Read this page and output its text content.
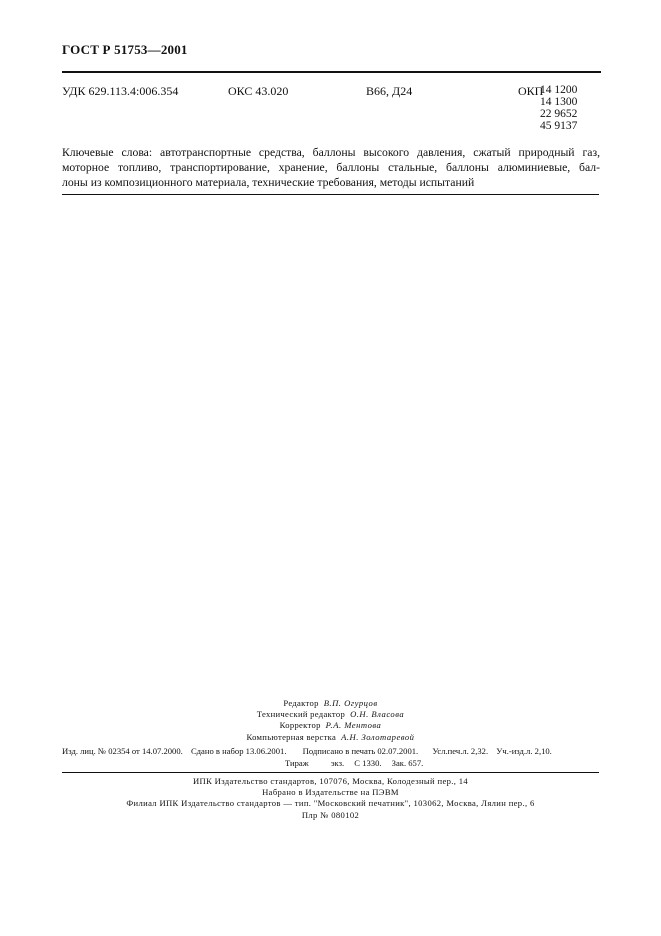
ГОСТ Р 51753—2001
УДК 629.113.4:006.354	ОКС 43.020	В66, Д24	ОКП
14 1200
14 1300
22 9652
45 9137
Ключевые слова: автотранспортные средства, баллоны высокого давления, сжатый природный газ,
моторное топливо, транспортирование, хранение, баллоны стальные, баллоны алюминиевые, бал-
лоны из композиционного материала, технические требования, методы испытаний
Редактор В.П. Огурцов
Технический редактор О.Н. Власова
Корректор Р.А. Ментова
Компьютерная верстка А.Н. Золотаревой
Изд. лиц. № 02354 от 14.07.2000. Сдано в набор 13.06.2001. Подписано в печать 02.07.2001. Усл.печ.л. 2,32. Уч.-изд.л. 2,10.
Тираж	экз. С 1330. Зак. 657.
ИПК Издательство стандартов, 107076, Москва, Колодезный пер., 14
Набрано в Издательстве на ПЭВМ
Филиал ИПК Издательство стандартов — тип. "Московский печатник", 103062, Москва, Лялин пер., 6
Плр № 080102
